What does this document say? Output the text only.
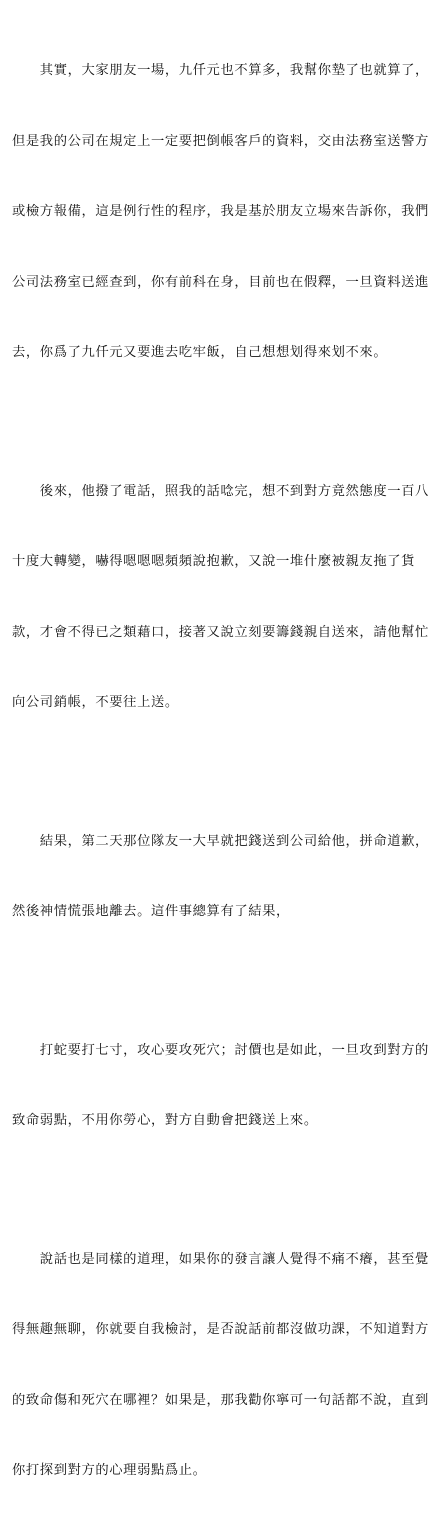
　　其實，大家朋友一場，九仟元也不算多，我幫你墊了也就算了，

但是我的公司在規定上一定要把倒帳客戶的資料，交由法務室送警方

或檢方報備，這是例行性的程序，我是基於朋友立場來告訴你，我們

公司法務室已經查到，你有前科在身，目前也在假釋，一旦資料送進

去，你爲了九仟元又要進去吃牢飯，自己想想划得來划不來。

　　後來，他撥了電話，照我的話唸完，想不到對方竟然態度一百八

十度大轉變，嚇得嗯嗯嗯頻頻說抱歉，又說一堆什麼被親友拖了貨

款，才會不得已之類藉口，接著又說立刻要籌錢親自送來，請他幫忙

向公司銷帳，不要往上送。

　　結果，第二天那位隊友一大早就把錢送到公司給他，拼命道歉，

然後神情慌張地離去。這件事總算有了結果，

　　打蛇要打七寸，攻心要攻死穴；討價也是如此，一旦攻到對方的

致命弱點，不用你勞心，對方自動會把錢送上來。

　　說話也是同樣的道理，如果你的發言讓人覺得不痛不癢，甚至覺

得無趣無聊，你就要自我檢討，是否說話前都沒做功課，不知道對方

的致命傷和死穴在哪裡？如果是，那我勸你寧可一句話都不說，直到

你打探到對方的心理弱點爲止。
